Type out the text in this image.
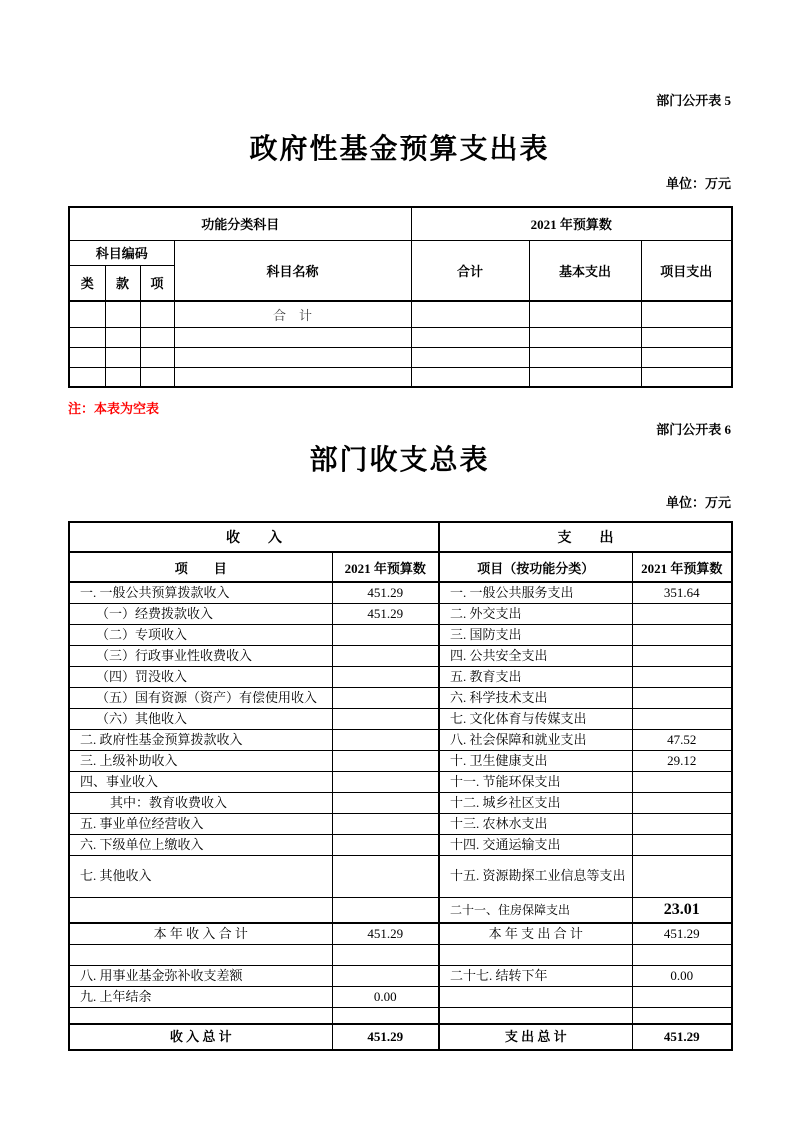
部门公开表 5
政府性基金预算支出表
单位：万元
功能分类科目				2021 年预算数		
科目编码			科目名称	合计	基本支出	项目支出
类	款	项				
			合　计			

注：本表为空表
部门公开表 6
部门收支总表
单位：万元
收　　入		支　　出	
项　　目	2021 年预算数	项目（按功能分类）	2021 年预算数
一. 一般公共预算拨款收入	451.29	一. 一般公共服务支出	351.64
（一）经费拨款收入	451.29	二. 外交支出	
（二）专项收入		三. 国防支出	
（三）行政事业性收费收入		四. 公共安全支出	
（四）罚没收入		五. 教育支出	
（五）国有资源（资产）有偿使用收入		六. 科学技术支出	
（六）其他收入		七. 文化体育与传媒支出	
二. 政府性基金预算拨款收入		八. 社会保障和就业支出	47.52
三. 上级补助收入		十. 卫生健康支出	29.12
四、事业收入		十一. 节能环保支出	
其中：教育收费收入		十二. 城乡社区支出	
五. 事业单位经营收入		十三. 农林水支出	
六. 下级单位上缴收入		十四. 交通运输支出	
七. 其他收入		十五. 资源勘探工业信息等支出	
		二十一、住房保障支出	23.01
本 年 收 入 合 计	451.29	本 年 支 出 合 计	451.29

八. 用事业基金弥补收支差额		二十七. 结转下年	0.00
九. 上年结余	0.00		

收 入 总 计	451.29	支 出 总 计	451.29
